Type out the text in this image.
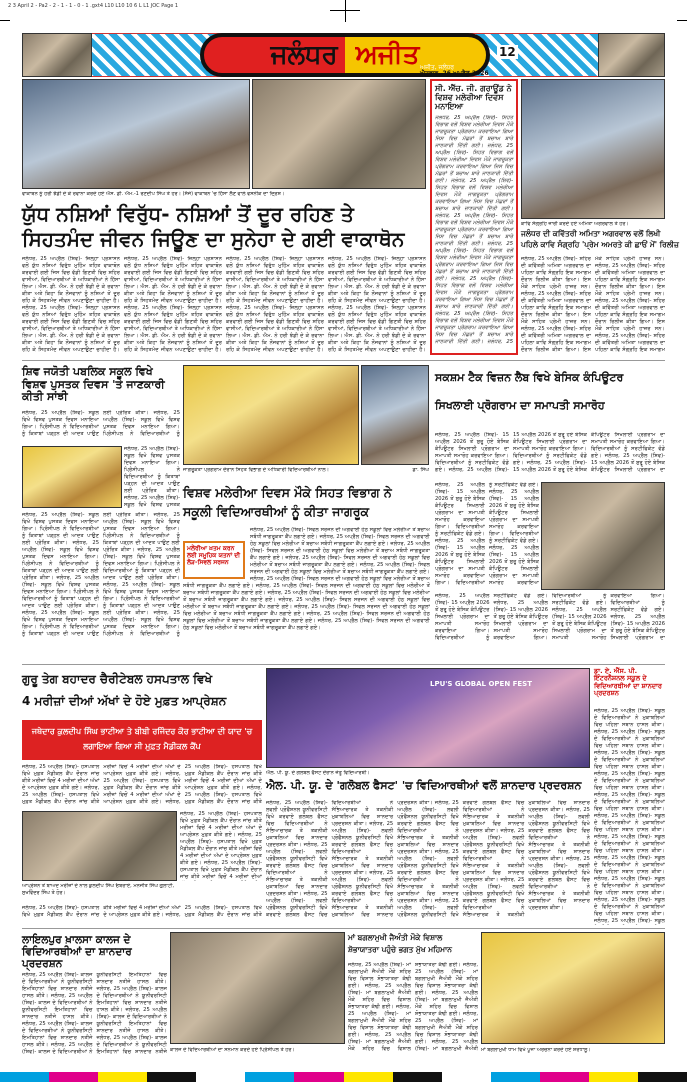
2 3 April 2 - Pa2 - 2 - 1 - 1 - 0 - 1 .gxt4 L10 L10 10 6 L L1 JOC Page 1
ਜਲੰਧਰ ਅਜੀਤ	12
ਅਜੀਤ, ਜਲੰਧਰ
ਐਤਵਾਰ, 26 ਅਪ੍ਰੈਲ 2026
ਵਾਕਾਥੋਨ ਨੂੰ ਹਰੀ ਝੰਡੀ ਦੇ ਕੇ ਰਵਾਨਾ ਕਰਦੇ ਹੋਏ ਐਸ. ਡੀ. ਐਮ.-1 ਰਣਦੀਪ ਸਿੰਘ ਤੇ ਹੋਰ। (ਸੱਜੇ) ਵਾਕਾਥੋਨ 'ਚ ਹਿੱਸਾ ਲੈਣ ਵਾਲੇ ਵਸਨੀਕ ਦਾ ਦ੍ਰਿਸ਼।
ਯੁੱਧ ਨਸ਼ਿਆਂ ਵਿਰੁੱਧ- ਨਸ਼ਿਆਂ ਤੋਂ ਦੂਰ ਰਹਿਣ ਤੇ
ਸਿਹਤਮੰਦ ਜੀਵਨ ਜਿਊਣ ਦਾ ਸੁਨੇਹਾ ਦੇ ਗਈ ਵਾਕਾਥੋਨ
ਜਲੰਧਰ, 25 ਅਪ੍ਰੈਲ (ਸ਼ਿਵ)- ਜ਼ਿਲ੍ਹਾ ਪ੍ਰਸ਼ਾਸਨ ਵਲੋਂ ਯੁੱਧ ਨਸ਼ਿਆਂ ਵਿਰੁੱਧ ਮੁਹਿੰਮ ਤਹਿਤ ਵਾਕਾਥੋਨ ਕਰਵਾਈ ਗਈ ਜਿਸ ਵਿਚ ਵੱਡੀ ਗਿਣਤੀ ਵਿਚ ਸ਼ਹਿਰ ਵਾਸੀਆਂ, ਵਿਦਿਆਰਥੀਆਂ ਤੇ ਅਧਿਕਾਰੀਆਂ ਨੇ ਹਿੱਸਾ ਲਿਆ। ਐਸ. ਡੀ. ਐਮ. ਨੇ ਹਰੀ ਝੰਡੀ ਦੇ ਕੇ ਰਵਾਨਾ ਕੀਤਾ ਅਤੇ ਕਿਹਾ ਕਿ ਨੌਜਵਾਨਾਂ ਨੂੰ ਨਸ਼ਿਆਂ ਤੋਂ ਦੂਰ ਰਹਿ ਕੇ ਸਿਹਤਮੰਦ ਜੀਵਨ ਅਪਣਾਉਣਾ ਚਾਹੀਦਾ ਹੈ। ਜਲੰਧਰ, 25 ਅਪ੍ਰੈਲ (ਸ਼ਿਵ)- ਜ਼ਿਲ੍ਹਾ ਪ੍ਰਸ਼ਾਸਨ ਵਲੋਂ ਯੁੱਧ ਨਸ਼ਿਆਂ ਵਿਰੁੱਧ ਮੁਹਿੰਮ ਤਹਿਤ ਵਾਕਾਥੋਨ ਕਰਵਾਈ ਗਈ ਜਿਸ ਵਿਚ ਵੱਡੀ ਗਿਣਤੀ ਵਿਚ ਸ਼ਹਿਰ ਵਾਸੀਆਂ, ਵਿਦਿਆਰਥੀਆਂ ਤੇ ਅਧਿਕਾਰੀਆਂ ਨੇ ਹਿੱਸਾ ਲਿਆ। ਐਸ. ਡੀ. ਐਮ. ਨੇ ਹਰੀ ਝੰਡੀ ਦੇ ਕੇ ਰਵਾਨਾ ਕੀਤਾ ਅਤੇ ਕਿਹਾ ਕਿ ਨੌਜਵਾਨਾਂ ਨੂੰ ਨਸ਼ਿਆਂ ਤੋਂ ਦੂਰ ਰਹਿ ਕੇ ਸਿਹਤਮੰਦ ਜੀਵਨ ਅਪਣਾਉਣਾ ਚਾਹੀਦਾ ਹੈ। ਜਲੰਧਰ, 25 ਅਪ੍ਰੈਲ (ਸ਼ਿਵ)- ਜ਼ਿਲ੍ਹਾ ਪ੍ਰਸ਼ਾਸਨ ਵਲੋਂ ਯੁੱਧ ਨਸ਼ਿਆਂ ਵਿਰੁੱਧ ਮੁਹਿੰਮ ਤਹਿਤ ਵਾਕਾਥੋਨ ਕਰਵਾਈ ਗਈ ਜਿਸ ਵਿਚ ਵੱਡੀ ਗਿਣਤੀ ਵਿਚ ਸ਼ਹਿਰ ਵਾਸੀਆਂ, ਵਿਦਿਆਰਥੀਆਂ ਤੇ ਅਧਿਕਾਰੀਆਂ ਨੇ ਹਿੱਸਾ ਲਿਆ। ਐਸ. ਡੀ. ਐਮ. ਨੇ ਹਰੀ ਝੰਡੀ ਦੇ ਕੇ ਰਵਾਨਾ ਕੀਤਾ ਅਤੇ ਕਿਹਾ ਕਿ ਨੌਜਵਾਨਾਂ ਨੂੰ ਨਸ਼ਿਆਂ ਤੋਂ ਦੂਰ ਰਹਿ ਕੇ ਸਿਹਤਮੰਦ ਜੀਵਨ ਅਪਣਾਉਣਾ ਚਾਹੀਦਾ ਹੈ। ਜਲੰਧਰ, 25 ਅਪ੍ਰੈਲ (ਸ਼ਿਵ)- ਜ਼ਿਲ੍ਹਾ ਪ੍ਰਸ਼ਾਸਨ ਵਲੋਂ ਯੁੱਧ ਨਸ਼ਿਆਂ ਵਿਰੁੱਧ ਮੁਹਿੰਮ ਤਹਿਤ ਵਾਕਾਥੋਨ ਕਰਵਾਈ ਗਈ ਜਿਸ ਵਿਚ ਵੱਡੀ ਗਿਣਤੀ ਵਿਚ ਸ਼ਹਿਰ ਵਾਸੀਆਂ, ਵਿਦਿਆਰਥੀਆਂ ਤੇ ਅਧਿਕਾਰੀਆਂ ਨੇ ਹਿੱਸਾ ਲਿਆ। ਐਸ. ਡੀ. ਐਮ. ਨੇ ਹਰੀ ਝੰਡੀ ਦੇ ਕੇ ਰਵਾਨਾ ਕੀਤਾ ਅਤੇ ਕਿਹਾ ਕਿ ਨੌਜਵਾਨਾਂ ਨੂੰ ਨਸ਼ਿਆਂ ਤੋਂ ਦੂਰ ਰਹਿ ਕੇ ਸਿਹਤਮੰਦ ਜੀਵਨ ਅਪਣਾਉਣਾ ਚਾਹੀਦਾ ਹੈ। ਜਲੰਧਰ, 25 ਅਪ੍ਰੈਲ (ਸ਼ਿਵ)- ਜ਼ਿਲ੍ਹਾ ਪ੍ਰਸ਼ਾਸਨ ਵਲੋਂ ਯੁੱਧ ਨਸ਼ਿਆਂ ਵਿਰੁੱਧ ਮੁਹਿੰਮ ਤਹਿਤ ਵਾਕਾਥੋਨ ਕਰਵਾਈ ਗਈ ਜਿਸ ਵਿਚ ਵੱਡੀ ਗਿਣਤੀ ਵਿਚ ਸ਼ਹਿਰ ਵਾਸੀਆਂ, ਵਿਦਿਆਰਥੀਆਂ ਤੇ ਅਧਿਕਾਰੀਆਂ ਨੇ ਹਿੱਸਾ ਲਿਆ। ਐਸ. ਡੀ. ਐਮ. ਨੇ ਹਰੀ ਝੰਡੀ ਦੇ ਕੇ ਰਵਾਨਾ ਕੀਤਾ ਅਤੇ ਕਿਹਾ ਕਿ ਨੌਜਵਾਨਾਂ ਨੂੰ ਨਸ਼ਿਆਂ ਤੋਂ ਦੂਰ ਰਹਿ ਕੇ ਸਿਹਤਮੰਦ ਜੀਵਨ ਅਪਣਾਉਣਾ ਚਾਹੀਦਾ ਹੈ। ਜਲੰਧਰ, 25 ਅਪ੍ਰੈਲ (ਸ਼ਿਵ)- ਜ਼ਿਲ੍ਹਾ ਪ੍ਰਸ਼ਾਸਨ ਵਲੋਂ ਯੁੱਧ ਨਸ਼ਿਆਂ ਵਿਰੁੱਧ ਮੁਹਿੰਮ ਤਹਿਤ ਵਾਕਾਥੋਨ ਕਰਵਾਈ ਗਈ ਜਿਸ ਵਿਚ ਵੱਡੀ ਗਿਣਤੀ ਵਿਚ ਸ਼ਹਿਰ ਵਾਸੀਆਂ, ਵਿਦਿਆਰਥੀਆਂ ਤੇ ਅਧਿਕਾਰੀਆਂ ਨੇ ਹਿੱਸਾ ਲਿਆ। ਐਸ. ਡੀ. ਐਮ. ਨੇ ਹਰੀ ਝੰਡੀ ਦੇ ਕੇ ਰਵਾਨਾ ਕੀਤਾ ਅਤੇ ਕਿਹਾ ਕਿ ਨੌਜਵਾਨਾਂ ਨੂੰ ਨਸ਼ਿਆਂ ਤੋਂ ਦੂਰ ਰਹਿ ਕੇ ਸਿਹਤਮੰਦ ਜੀਵਨ ਅਪਣਾਉਣਾ ਚਾਹੀਦਾ ਹੈ। ਜਲੰਧਰ, 25 ਅਪ੍ਰੈਲ (ਸ਼ਿਵ)- ਜ਼ਿਲ੍ਹਾ ਪ੍ਰਸ਼ਾਸਨ ਵਲੋਂ ਯੁੱਧ ਨਸ਼ਿਆਂ ਵਿਰੁੱਧ ਮੁਹਿੰਮ ਤਹਿਤ ਵਾਕਾਥੋਨ ਕਰਵਾਈ ਗਈ ਜਿਸ ਵਿਚ ਵੱਡੀ ਗਿਣਤੀ ਵਿਚ ਸ਼ਹਿਰ ਵਾਸੀਆਂ, ਵਿਦਿਆਰਥੀਆਂ ਤੇ ਅਧਿਕਾਰੀਆਂ ਨੇ ਹਿੱਸਾ ਲਿਆ। ਐਸ. ਡੀ. ਐਮ. ਨੇ ਹਰੀ ਝੰਡੀ ਦੇ ਕੇ ਰਵਾਨਾ ਕੀਤਾ ਅਤੇ ਕਿਹਾ ਕਿ ਨੌਜਵਾਨਾਂ ਨੂੰ ਨਸ਼ਿਆਂ ਤੋਂ ਦੂਰ ਰਹਿ ਕੇ ਸਿਹਤਮੰਦ ਜੀਵਨ ਅਪਣਾਉਣਾ ਚਾਹੀਦਾ ਹੈ। ਜਲੰਧਰ, 25 ਅਪ੍ਰੈਲ (ਸ਼ਿਵ)- ਜ਼ਿਲ੍ਹਾ ਪ੍ਰਸ਼ਾਸਨ ਵਲੋਂ ਯੁੱਧ ਨਸ਼ਿਆਂ ਵਿਰੁੱਧ ਮੁਹਿੰਮ ਤਹਿਤ ਵਾਕਾਥੋਨ ਕਰਵਾਈ ਗਈ ਜਿਸ ਵਿਚ ਵੱਡੀ ਗਿਣਤੀ ਵਿਚ ਸ਼ਹਿਰ ਵਾਸੀਆਂ, ਵਿਦਿਆਰਥੀਆਂ ਤੇ ਅਧਿਕਾਰੀਆਂ ਨੇ ਹਿੱਸਾ ਲਿਆ। ਐਸ. ਡੀ. ਐਮ. ਨੇ ਹਰੀ ਝੰਡੀ ਦੇ ਕੇ ਰਵਾਨਾ ਕੀਤਾ ਅਤੇ ਕਿਹਾ ਕਿ ਨੌਜਵਾਨਾਂ ਨੂੰ ਨਸ਼ਿਆਂ ਤੋਂ ਦੂਰ ਰਹਿ ਕੇ ਸਿਹਤਮੰਦ ਜੀਵਨ ਅਪਣਾਉਣਾ ਚਾਹੀਦਾ ਹੈ।
ਸੀ. ਐੱਚ. ਜੀ. ਗਰਾਊਂਡ ਨੇ ਵਿਸ਼ਵ ਮਲੇਰੀਆ ਦਿਵਸ ਮਨਾਇਆ
ਜਲੰਧਰ, 25 ਅਪ੍ਰੈਲ (ਸ਼ਿਵ)- ਸਿਹਤ ਵਿਭਾਗ ਵਲੋਂ ਵਿਸ਼ਵ ਮਲੇਰੀਆ ਦਿਵਸ ਮੌਕੇ ਜਾਗਰੂਕਤਾ ਪ੍ਰੋਗਰਾਮ ਕਰਵਾਇਆ ਗਿਆ ਜਿਸ ਵਿਚ ਮੱਛਰਾਂ ਤੋਂ ਬਚਾਅ ਬਾਰੇ ਜਾਣਕਾਰੀ ਦਿੱਤੀ ਗਈ। ਜਲੰਧਰ, 25 ਅਪ੍ਰੈਲ (ਸ਼ਿਵ)- ਸਿਹਤ ਵਿਭਾਗ ਵਲੋਂ ਵਿਸ਼ਵ ਮਲੇਰੀਆ ਦਿਵਸ ਮੌਕੇ ਜਾਗਰੂਕਤਾ ਪ੍ਰੋਗਰਾਮ ਕਰਵਾਇਆ ਗਿਆ ਜਿਸ ਵਿਚ ਮੱਛਰਾਂ ਤੋਂ ਬਚਾਅ ਬਾਰੇ ਜਾਣਕਾਰੀ ਦਿੱਤੀ ਗਈ। ਜਲੰਧਰ, 25 ਅਪ੍ਰੈਲ (ਸ਼ਿਵ)- ਸਿਹਤ ਵਿਭਾਗ ਵਲੋਂ ਵਿਸ਼ਵ ਮਲੇਰੀਆ ਦਿਵਸ ਮੌਕੇ ਜਾਗਰੂਕਤਾ ਪ੍ਰੋਗਰਾਮ ਕਰਵਾਇਆ ਗਿਆ ਜਿਸ ਵਿਚ ਮੱਛਰਾਂ ਤੋਂ ਬਚਾਅ ਬਾਰੇ ਜਾਣਕਾਰੀ ਦਿੱਤੀ ਗਈ। ਜਲੰਧਰ, 25 ਅਪ੍ਰੈਲ (ਸ਼ਿਵ)- ਸਿਹਤ ਵਿਭਾਗ ਵਲੋਂ ਵਿਸ਼ਵ ਮਲੇਰੀਆ ਦਿਵਸ ਮੌਕੇ ਜਾਗਰੂਕਤਾ ਪ੍ਰੋਗਰਾਮ ਕਰਵਾਇਆ ਗਿਆ ਜਿਸ ਵਿਚ ਮੱਛਰਾਂ ਤੋਂ ਬਚਾਅ ਬਾਰੇ ਜਾਣਕਾਰੀ ਦਿੱਤੀ ਗਈ। ਜਲੰਧਰ, 25 ਅਪ੍ਰੈਲ (ਸ਼ਿਵ)- ਸਿਹਤ ਵਿਭਾਗ ਵਲੋਂ ਵਿਸ਼ਵ ਮਲੇਰੀਆ ਦਿਵਸ ਮੌਕੇ ਜਾਗਰੂਕਤਾ ਪ੍ਰੋਗਰਾਮ ਕਰਵਾਇਆ ਗਿਆ ਜਿਸ ਵਿਚ ਮੱਛਰਾਂ ਤੋਂ ਬਚਾਅ ਬਾਰੇ ਜਾਣਕਾਰੀ ਦਿੱਤੀ ਗਈ। ਜਲੰਧਰ, 25 ਅਪ੍ਰੈਲ (ਸ਼ਿਵ)- ਸਿਹਤ ਵਿਭਾਗ ਵਲੋਂ ਵਿਸ਼ਵ ਮਲੇਰੀਆ ਦਿਵਸ ਮੌਕੇ ਜਾਗਰੂਕਤਾ ਪ੍ਰੋਗਰਾਮ ਕਰਵਾਇਆ ਗਿਆ ਜਿਸ ਵਿਚ ਮੱਛਰਾਂ ਤੋਂ ਬਚਾਅ ਬਾਰੇ ਜਾਣਕਾਰੀ ਦਿੱਤੀ ਗਈ। ਜਲੰਧਰ, 25 ਅਪ੍ਰੈਲ (ਸ਼ਿਵ)- ਸਿਹਤ ਵਿਭਾਗ ਵਲੋਂ ਵਿਸ਼ਵ ਮਲੇਰੀਆ ਦਿਵਸ ਮੌਕੇ ਜਾਗਰੂਕਤਾ ਪ੍ਰੋਗਰਾਮ ਕਰਵਾਇਆ ਗਿਆ ਜਿਸ ਵਿਚ ਮੱਛਰਾਂ ਤੋਂ ਬਚਾਅ ਬਾਰੇ ਜਾਣਕਾਰੀ ਦਿੱਤੀ ਗਈ। ਜਲੰਧਰ, 25
ਕਾਵਿ ਸੰਗ੍ਰਹਿ ਜਾਰੀ ਕਰਦੇ ਹੋਏ ਅਮਿਤਾ ਅਗਰਵਾਲ ਤੇ ਹੋਰ।
ਜਲੰਧਰ ਦੀ ਕਵਿੱਤਰੀ ਅਮਿਤਾ ਅਗਰਵਾਲ ਵਲੋਂ ਲਿਖੀ
ਪਹਿਲੇ ਕਾਵਿ ਸੰਗ੍ਰਹਿ 'ਪ੍ਰੇਮ ਅਮਰਤੇ ਕੀ ਛਾਓਂ ਮੇਂ' ਰਿਲੀਜ਼
ਜਲੰਧਰ, 25 ਅਪ੍ਰੈਲ (ਸ਼ਿਵ)- ਸ਼ਹਿਰ ਦੀ ਕਵਿੱਤਰੀ ਅਮਿਤਾ ਅਗਰਵਾਲ ਦਾ ਪਹਿਲਾ ਕਾਵਿ ਸੰਗ੍ਰਹਿ ਇਕ ਸਮਾਗਮ ਦੌਰਾਨ ਰਿਲੀਜ਼ ਕੀਤਾ ਗਿਆ। ਇਸ ਮੌਕੇ ਸਾਹਿਤ ਪ੍ਰੇਮੀ ਹਾਜ਼ਰ ਸਨ। ਜਲੰਧਰ, 25 ਅਪ੍ਰੈਲ (ਸ਼ਿਵ)- ਸ਼ਹਿਰ ਦੀ ਕਵਿੱਤਰੀ ਅਮਿਤਾ ਅਗਰਵਾਲ ਦਾ ਪਹਿਲਾ ਕਾਵਿ ਸੰਗ੍ਰਹਿ ਇਕ ਸਮਾਗਮ ਦੌਰਾਨ ਰਿਲੀਜ਼ ਕੀਤਾ ਗਿਆ। ਇਸ ਮੌਕੇ ਸਾਹਿਤ ਪ੍ਰੇਮੀ ਹਾਜ਼ਰ ਸਨ। ਜਲੰਧਰ, 25 ਅਪ੍ਰੈਲ (ਸ਼ਿਵ)- ਸ਼ਹਿਰ ਦੀ ਕਵਿੱਤਰੀ ਅਮਿਤਾ ਅਗਰਵਾਲ ਦਾ ਪਹਿਲਾ ਕਾਵਿ ਸੰਗ੍ਰਹਿ ਇਕ ਸਮਾਗਮ ਦੌਰਾਨ ਰਿਲੀਜ਼ ਕੀਤਾ ਗਿਆ। ਇਸ ਮੌਕੇ ਸਾਹਿਤ ਪ੍ਰੇਮੀ ਹਾਜ਼ਰ ਸਨ। ਜਲੰਧਰ, 25 ਅਪ੍ਰੈਲ (ਸ਼ਿਵ)- ਸ਼ਹਿਰ ਦੀ ਕਵਿੱਤਰੀ ਅਮਿਤਾ ਅਗਰਵਾਲ ਦਾ ਪਹਿਲਾ ਕਾਵਿ ਸੰਗ੍ਰਹਿ ਇਕ ਸਮਾਗਮ ਦੌਰਾਨ ਰਿਲੀਜ਼ ਕੀਤਾ ਗਿਆ। ਇਸ ਮੌਕੇ ਸਾਹਿਤ ਪ੍ਰੇਮੀ ਹਾਜ਼ਰ ਸਨ। ਜਲੰਧਰ, 25 ਅਪ੍ਰੈਲ (ਸ਼ਿਵ)- ਸ਼ਹਿਰ ਦੀ ਕਵਿੱਤਰੀ ਅਮਿਤਾ ਅਗਰਵਾਲ ਦਾ ਪਹਿਲਾ ਕਾਵਿ ਸੰਗ੍ਰਹਿ ਇਕ ਸਮਾਗਮ ਦੌਰਾਨ ਰਿਲੀਜ਼ ਕੀਤਾ ਗਿਆ। ਇਸ ਮੌਕੇ ਸਾਹਿਤ ਪ੍ਰੇਮੀ ਹਾਜ਼ਰ ਸਨ। ਜਲੰਧਰ, 25 ਅਪ੍ਰੈਲ (ਸ਼ਿਵ)- ਸ਼ਹਿਰ ਦੀ ਕਵਿੱਤਰੀ ਅਮਿਤਾ ਅਗਰਵਾਲ ਦਾ ਪਹਿਲਾ ਕਾਵਿ ਸੰਗ੍ਰਹਿ ਇਕ ਸਮਾਗਮ
ਸ਼ਿਵ ਜਯੋਤੀ ਪਬਲਿਕ ਸਕੂਲ ਵਿਖੇ ਵਿਸ਼ਵ ਪੁਸਤਕ ਦਿਵਸ 'ਤੇ ਜਾਣਕਾਰੀ ਕੀਤੀ ਸਾਂਝੀ
ਜਲੰਧਰ, 25 ਅਪ੍ਰੈਲ (ਸ਼ਿਵ)- ਸਕੂਲ ਵਿਖੇ ਵਿਸ਼ਵ ਪੁਸਤਕ ਦਿਵਸ ਮਨਾਇਆ ਗਿਆ। ਪ੍ਰਿੰਸੀਪਲ ਨੇ ਵਿਦਿਆਰਥੀਆਂ ਨੂੰ ਕਿਤਾਬਾਂ ਪੜ੍ਹਨ ਦੀ ਆਦਤ ਪਾਉਣ ਲਈ ਪ੍ਰੇਰਿਤ ਕੀਤਾ। ਜਲੰਧਰ, 25 ਅਪ੍ਰੈਲ (ਸ਼ਿਵ)- ਸਕੂਲ ਵਿਖੇ ਵਿਸ਼ਵ ਪੁਸਤਕ ਦਿਵਸ ਮਨਾਇਆ ਗਿਆ। ਪ੍ਰਿੰਸੀਪਲ ਨੇ ਵਿਦਿਆਰਥੀਆਂ ਨੂੰ
ਜਲੰਧਰ, 25 ਅਪ੍ਰੈਲ (ਸ਼ਿਵ)- ਸਕੂਲ ਵਿਖੇ ਵਿਸ਼ਵ ਪੁਸਤਕ ਦਿਵਸ ਮਨਾਇਆ ਗਿਆ। ਪ੍ਰਿੰਸੀਪਲ ਨੇ ਵਿਦਿਆਰਥੀਆਂ ਨੂੰ ਕਿਤਾਬਾਂ ਪੜ੍ਹਨ ਦੀ ਆਦਤ ਪਾਉਣ ਲਈ ਪ੍ਰੇਰਿਤ ਕੀਤਾ। ਜਲੰਧਰ, 25 ਅਪ੍ਰੈਲ (ਸ਼ਿਵ)- ਸਕੂਲ ਵਿਖੇ ਵਿਸ਼ਵ ਪੁਸਤਕ
ਜਲੰਧਰ, 25 ਅਪ੍ਰੈਲ (ਸ਼ਿਵ)- ਸਕੂਲ ਵਿਖੇ ਵਿਸ਼ਵ ਪੁਸਤਕ ਦਿਵਸ ਮਨਾਇਆ ਗਿਆ। ਪ੍ਰਿੰਸੀਪਲ ਨੇ ਵਿਦਿਆਰਥੀਆਂ ਨੂੰ ਕਿਤਾਬਾਂ ਪੜ੍ਹਨ ਦੀ ਆਦਤ ਪਾਉਣ ਲਈ ਪ੍ਰੇਰਿਤ ਕੀਤਾ। ਜਲੰਧਰ, 25 ਅਪ੍ਰੈਲ (ਸ਼ਿਵ)- ਸਕੂਲ ਵਿਖੇ ਵਿਸ਼ਵ ਪੁਸਤਕ ਦਿਵਸ ਮਨਾਇਆ ਗਿਆ। ਪ੍ਰਿੰਸੀਪਲ ਨੇ ਵਿਦਿਆਰਥੀਆਂ ਨੂੰ ਕਿਤਾਬਾਂ ਪੜ੍ਹਨ ਦੀ ਆਦਤ ਪਾਉਣ ਲਈ ਪ੍ਰੇਰਿਤ ਕੀਤਾ। ਜਲੰਧਰ, 25 ਅਪ੍ਰੈਲ (ਸ਼ਿਵ)- ਸਕੂਲ ਵਿਖੇ ਵਿਸ਼ਵ ਪੁਸਤਕ ਦਿਵਸ ਮਨਾਇਆ ਗਿਆ। ਪ੍ਰਿੰਸੀਪਲ ਨੇ ਵਿਦਿਆਰਥੀਆਂ ਨੂੰ ਕਿਤਾਬਾਂ ਪੜ੍ਹਨ ਦੀ ਆਦਤ ਪਾਉਣ ਲਈ ਪ੍ਰੇਰਿਤ ਕੀਤਾ। ਜਲੰਧਰ, 25 ਅਪ੍ਰੈਲ (ਸ਼ਿਵ)- ਸਕੂਲ ਵਿਖੇ ਵਿਸ਼ਵ ਪੁਸਤਕ ਦਿਵਸ ਮਨਾਇਆ ਗਿਆ। ਪ੍ਰਿੰਸੀਪਲ ਨੇ ਵਿਦਿਆਰਥੀਆਂ ਨੂੰ ਕਿਤਾਬਾਂ ਪੜ੍ਹਨ ਦੀ ਆਦਤ ਪਾਉਣ ਲਈ ਪ੍ਰੇਰਿਤ ਕੀਤਾ। ਜਲੰਧਰ, 25 ਅਪ੍ਰੈਲ (ਸ਼ਿਵ)- ਸਕੂਲ ਵਿਖੇ ਵਿਸ਼ਵ ਪੁਸਤਕ ਦਿਵਸ ਮਨਾਇਆ ਗਿਆ। ਪ੍ਰਿੰਸੀਪਲ ਨੇ ਵਿਦਿਆਰਥੀਆਂ ਨੂੰ ਕਿਤਾਬਾਂ ਪੜ੍ਹਨ ਦੀ ਆਦਤ ਪਾਉਣ ਲਈ ਪ੍ਰੇਰਿਤ ਕੀਤਾ। ਜਲੰਧਰ, 25 ਅਪ੍ਰੈਲ (ਸ਼ਿਵ)- ਸਕੂਲ ਵਿਖੇ ਵਿਸ਼ਵ ਪੁਸਤਕ ਦਿਵਸ ਮਨਾਇਆ ਗਿਆ। ਪ੍ਰਿੰਸੀਪਲ ਨੇ ਵਿਦਿਆਰਥੀਆਂ ਨੂੰ ਕਿਤਾਬਾਂ ਪੜ੍ਹਨ ਦੀ ਆਦਤ ਪਾਉਣ ਲਈ ਪ੍ਰੇਰਿਤ ਕੀਤਾ। ਜਲੰਧਰ, 25 ਅਪ੍ਰੈਲ (ਸ਼ਿਵ)- ਸਕੂਲ ਵਿਖੇ ਵਿਸ਼ਵ ਪੁਸਤਕ ਦਿਵਸ ਮਨਾਇਆ ਗਿਆ। ਪ੍ਰਿੰਸੀਪਲ ਨੇ ਵਿਦਿਆਰਥੀਆਂ ਨੂੰ ਕਿਤਾਬਾਂ ਪੜ੍ਹਨ ਦੀ ਆਦਤ ਪਾਉਣ ਲਈ ਪ੍ਰੇਰਿਤ ਕੀਤਾ। ਜਲੰਧਰ, 25 ਅਪ੍ਰੈਲ (ਸ਼ਿਵ)- ਸਕੂਲ ਵਿਖੇ ਵਿਸ਼ਵ ਪੁਸਤਕ ਦਿਵਸ ਮਨਾਇਆ ਗਿਆ। ਪ੍ਰਿੰਸੀਪਲ ਨੇ ਵਿਦਿਆਰਥੀਆਂ ਨੂੰ
ਜਾਗਰੂਕਤਾ ਪ੍ਰੋਗਰਾਮ ਦੌਰਾਨ ਸਿਹਤ ਵਿਭਾਗ ਦੇ ਅਧਿਕਾਰੀ ਵਿਦਿਆਰਥੀਆਂ ਨਾਲ।	ਡਾ. ਸਿੰਘ
ਵਿਸ਼ਵ ਮਲੇਰੀਆ ਦਿਵਸ ਮੌਕੇ ਸਿਹਤ ਵਿਭਾਗ ਨੇ
ਸਕੂਲੀ ਵਿਦਿਆਰਥੀਆਂ ਨੂੰ ਕੀਤਾ ਜਾਗਰੂਕ
ਮਲੇਰੀਆ ਖ਼ਤਮ ਕਰਨ ਲਈ ਸਮੂਹਿਕ ਯਤਨਾਂ ਦੀ ਲੋੜ-ਸਿਵਲ ਸਰਜਨ
ਜਲੰਧਰ, 25 ਅਪ੍ਰੈਲ (ਸ਼ਿਵ)- ਸਿਵਲ ਸਰਜਨ ਦੀ ਅਗਵਾਈ ਹੇਠ ਸਕੂਲਾਂ ਵਿਚ ਮਲੇਰੀਆ ਤੋਂ ਬਚਾਅ ਸਬੰਧੀ ਜਾਗਰੂਕਤਾ ਕੈਂਪ ਲਗਾਏ ਗਏ। ਜਲੰਧਰ, 25 ਅਪ੍ਰੈਲ (ਸ਼ਿਵ)- ਸਿਵਲ ਸਰਜਨ ਦੀ ਅਗਵਾਈ ਹੇਠ ਸਕੂਲਾਂ ਵਿਚ ਮਲੇਰੀਆ ਤੋਂ ਬਚਾਅ ਸਬੰਧੀ ਜਾਗਰੂਕਤਾ ਕੈਂਪ ਲਗਾਏ ਗਏ। ਜਲੰਧਰ, 25 ਅਪ੍ਰੈਲ (ਸ਼ਿਵ)- ਸਿਵਲ ਸਰਜਨ ਦੀ ਅਗਵਾਈ ਹੇਠ ਸਕੂਲਾਂ ਵਿਚ ਮਲੇਰੀਆ ਤੋਂ ਬਚਾਅ ਸਬੰਧੀ ਜਾਗਰੂਕਤਾ ਕੈਂਪ ਲਗਾਏ ਗਏ। ਜਲੰਧਰ, 25 ਅਪ੍ਰੈਲ (ਸ਼ਿਵ)- ਸਿਵਲ ਸਰਜਨ ਦੀ ਅਗਵਾਈ ਹੇਠ ਸਕੂਲਾਂ ਵਿਚ ਮਲੇਰੀਆ ਤੋਂ ਬਚਾਅ ਸਬੰਧੀ ਜਾਗਰੂਕਤਾ ਕੈਂਪ ਲਗਾਏ ਗਏ। ਜਲੰਧਰ, 25 ਅਪ੍ਰੈਲ (ਸ਼ਿਵ)- ਸਿਵਲ ਸਰਜਨ ਦੀ ਅਗਵਾਈ ਹੇਠ ਸਕੂਲਾਂ ਵਿਚ ਮਲੇਰੀਆ ਤੋਂ ਬਚਾਅ ਸਬੰਧੀ ਜਾਗਰੂਕਤਾ ਕੈਂਪ ਲਗਾਏ ਗਏ। ਜਲੰਧਰ, 25 ਅਪ੍ਰੈਲ (ਸ਼ਿਵ)- ਸਿਵਲ ਸਰਜਨ ਦੀ ਅਗਵਾਈ ਹੇਠ ਸਕੂਲਾਂ ਵਿਚ ਮਲੇਰੀਆ ਤੋਂ ਬਚਾਅ ਸਬੰਧੀ ਜਾਗਰੂਕਤਾ ਕੈਂਪ ਲਗਾਏ ਗਏ। ਜਲੰਧਰ, 25 ਅਪ੍ਰੈਲ (ਸ਼ਿਵ)- ਸਿਵਲ ਸਰਜਨ ਦੀ ਅਗਵਾਈ ਹੇਠ ਸਕੂਲਾਂ ਵਿਚ ਮਲੇਰੀਆ ਤੋਂ ਬਚਾਅ ਸਬੰਧੀ ਜਾਗਰੂਕਤਾ ਕੈਂਪ ਲਗਾਏ ਗਏ। ਜਲੰਧਰ, 25 ਅਪ੍ਰੈਲ (ਸ਼ਿਵ)- ਸਿਵਲ ਸਰਜਨ ਦੀ ਅਗਵਾਈ ਹੇਠ ਸਕੂਲਾਂ ਵਿਚ ਮਲੇਰੀਆ ਤੋਂ ਬਚਾਅ ਸਬੰਧੀ ਜਾਗਰੂਕਤਾ ਕੈਂਪ ਲਗਾਏ ਗਏ। ਜਲੰਧਰ, 25 ਅਪ੍ਰੈਲ (ਸ਼ਿਵ)- ਸਿਵਲ ਸਰਜਨ ਦੀ ਅਗਵਾਈ ਹੇਠ ਸਕੂਲਾਂ ਵਿਚ ਮਲੇਰੀਆ ਤੋਂ ਬਚਾਅ ਸਬੰਧੀ ਜਾਗਰੂਕਤਾ ਕੈਂਪ ਲਗਾਏ ਗਏ। ਜਲੰਧਰ, 25 ਅਪ੍ਰੈਲ (ਸ਼ਿਵ)- ਸਿਵਲ ਸਰਜਨ ਦੀ ਅਗਵਾਈ ਹੇਠ ਸਕੂਲਾਂ ਵਿਚ ਮਲੇਰੀਆ ਤੋਂ ਬਚਾਅ ਸਬੰਧੀ ਜਾਗਰੂਕਤਾ ਕੈਂਪ ਲਗਾਏ ਗਏ। ਜਲੰਧਰ, 25 ਅਪ੍ਰੈਲ (ਸ਼ਿਵ)- ਸਿਵਲ ਸਰਜਨ ਦੀ ਅਗਵਾਈ ਹੇਠ ਸਕੂਲਾਂ ਵਿਚ ਮਲੇਰੀਆ ਤੋਂ ਬਚਾਅ ਸਬੰਧੀ ਜਾਗਰੂਕਤਾ ਕੈਂਪ ਲਗਾਏ ਗਏ। ਜਲੰਧਰ, 25 ਅਪ੍ਰੈਲ (ਸ਼ਿਵ)- ਸਿਵਲ ਸਰਜਨ ਦੀ ਅਗਵਾਈ ਹੇਠ ਸਕੂਲਾਂ ਵਿਚ ਮਲੇਰੀਆ ਤੋਂ ਬਚਾਅ ਸਬੰਧੀ ਜਾਗਰੂਕਤਾ ਕੈਂਪ ਲਗਾਏ ਗਏ।
ਸਕਸ਼ਮ ਟੈਕ ਵਿਜ਼ਨ ਲੈਬ ਵਿਖੇ ਬੇਸਿਕ ਕੰਪਿਊਟਰ
ਸਿਖਲਾਈ ਪ੍ਰੋਗਰਾਮ ਦਾ ਸਮਾਪਤੀ ਸਮਾਰੋਹ
ਜਲੰਧਰ, 25 ਅਪ੍ਰੈਲ (ਸ਼ਿਵ)- 15 ਅਪ੍ਰੈਲ 2026 ਤੋਂ ਸ਼ੁਰੂ ਹੋਏ ਬੇਸਿਕ ਕੰਪਿਊਟਰ ਸਿਖਲਾਈ ਪ੍ਰੋਗਰਾਮ ਦਾ ਸਮਾਪਤੀ ਸਮਾਰੋਹ ਕਰਵਾਇਆ ਗਿਆ। ਵਿਦਿਆਰਥੀਆਂ ਨੂੰ ਸਰਟੀਫਿਕੇਟ ਵੰਡੇ ਗਏ। ਜਲੰਧਰ, 25 ਅਪ੍ਰੈਲ (ਸ਼ਿਵ)- 15 ਅਪ੍ਰੈਲ 2026 ਤੋਂ ਸ਼ੁਰੂ ਹੋਏ ਬੇਸਿਕ ਕੰਪਿਊਟਰ ਸਿਖਲਾਈ ਪ੍ਰੋਗਰਾਮ ਦਾ ਸਮਾਪਤੀ ਸਮਾਰੋਹ ਕਰਵਾਇਆ ਗਿਆ। ਵਿਦਿਆਰਥੀਆਂ ਨੂੰ ਸਰਟੀਫਿਕੇਟ ਵੰਡੇ ਗਏ। ਜਲੰਧਰ, 25 ਅਪ੍ਰੈਲ (ਸ਼ਿਵ)- 15 ਅਪ੍ਰੈਲ 2026 ਤੋਂ ਸ਼ੁਰੂ ਹੋਏ ਬੇਸਿਕ ਕੰਪਿਊਟਰ ਸਿਖਲਾਈ ਪ੍ਰੋਗਰਾਮ ਦਾ ਸਮਾਪਤੀ ਸਮਾਰੋਹ ਕਰਵਾਇਆ ਗਿਆ। ਵਿਦਿਆਰਥੀਆਂ ਨੂੰ ਸਰਟੀਫਿਕੇਟ ਵੰਡੇ ਗਏ। ਜਲੰਧਰ, 25 ਅਪ੍ਰੈਲ (ਸ਼ਿਵ)- 15 ਅਪ੍ਰੈਲ 2026 ਤੋਂ ਸ਼ੁਰੂ ਹੋਏ ਬੇਸਿਕ ਕੰਪਿਊਟਰ ਸਿਖਲਾਈ ਪ੍ਰੋਗਰਾਮ ਦਾ
ਜਲੰਧਰ, 25 ਅਪ੍ਰੈਲ (ਸ਼ਿਵ)- 15 ਅਪ੍ਰੈਲ 2026 ਤੋਂ ਸ਼ੁਰੂ ਹੋਏ ਬੇਸਿਕ ਕੰਪਿਊਟਰ ਸਿਖਲਾਈ ਪ੍ਰੋਗਰਾਮ ਦਾ ਸਮਾਪਤੀ ਸਮਾਰੋਹ ਕਰਵਾਇਆ ਗਿਆ। ਵਿਦਿਆਰਥੀਆਂ ਨੂੰ ਸਰਟੀਫਿਕੇਟ ਵੰਡੇ ਗਏ। ਜਲੰਧਰ, 25 ਅਪ੍ਰੈਲ (ਸ਼ਿਵ)- 15 ਅਪ੍ਰੈਲ 2026 ਤੋਂ ਸ਼ੁਰੂ ਹੋਏ ਬੇਸਿਕ ਕੰਪਿਊਟਰ ਸਿਖਲਾਈ ਪ੍ਰੋਗਰਾਮ ਦਾ ਸਮਾਪਤੀ ਸਮਾਰੋਹ ਕਰਵਾਇਆ ਗਿਆ। ਵਿਦਿਆਰਥੀਆਂ ਨੂੰ ਸਰਟੀਫਿਕੇਟ ਵੰਡੇ ਗਏ। ਜਲੰਧਰ, 25 ਅਪ੍ਰੈਲ (ਸ਼ਿਵ)- 15 ਅਪ੍ਰੈਲ 2026 ਤੋਂ ਸ਼ੁਰੂ ਹੋਏ ਬੇਸਿਕ ਕੰਪਿਊਟਰ ਸਿਖਲਾਈ ਪ੍ਰੋਗਰਾਮ ਦਾ ਸਮਾਪਤੀ ਸਮਾਰੋਹ ਕਰਵਾਇਆ ਗਿਆ। ਵਿਦਿਆਰਥੀਆਂ ਨੂੰ ਸਰਟੀਫਿਕੇਟ ਵੰਡੇ ਗਏ। ਜਲੰਧਰ, 25 ਅਪ੍ਰੈਲ (ਸ਼ਿਵ)- 15 ਅਪ੍ਰੈਲ 2026 ਤੋਂ ਸ਼ੁਰੂ ਹੋਏ ਬੇਸਿਕ ਕੰਪਿਊਟਰ ਸਿਖਲਾਈ ਪ੍ਰੋਗਰਾਮ ਦਾ ਸਮਾਪਤੀ ਸਮਾਰੋਹ ਕਰਵਾਇਆ
ਜਲੰਧਰ, 25 ਅਪ੍ਰੈਲ (ਸ਼ਿਵ)- 15 ਅਪ੍ਰੈਲ 2026 ਤੋਂ ਸ਼ੁਰੂ ਹੋਏ ਬੇਸਿਕ ਕੰਪਿਊਟਰ ਸਿਖਲਾਈ ਪ੍ਰੋਗਰਾਮ ਦਾ ਸਮਾਪਤੀ ਸਮਾਰੋਹ ਕਰਵਾਇਆ ਗਿਆ। ਵਿਦਿਆਰਥੀਆਂ ਨੂੰ ਸਰਟੀਫਿਕੇਟ ਵੰਡੇ ਗਏ। ਜਲੰਧਰ, 25 ਅਪ੍ਰੈਲ (ਸ਼ਿਵ)- 15 ਅਪ੍ਰੈਲ 2026 ਤੋਂ ਸ਼ੁਰੂ ਹੋਏ ਬੇਸਿਕ ਕੰਪਿਊਟਰ ਸਿਖਲਾਈ ਪ੍ਰੋਗਰਾਮ ਦਾ ਸਮਾਪਤੀ ਸਮਾਰੋਹ ਕਰਵਾਇਆ ਗਿਆ। ਵਿਦਿਆਰਥੀਆਂ ਨੂੰ ਸਰਟੀਫਿਕੇਟ ਵੰਡੇ ਗਏ। ਜਲੰਧਰ, 25 ਅਪ੍ਰੈਲ (ਸ਼ਿਵ)- 15 ਅਪ੍ਰੈਲ 2026 ਤੋਂ ਸ਼ੁਰੂ ਹੋਏ ਬੇਸਿਕ ਕੰਪਿਊਟਰ ਸਿਖਲਾਈ ਪ੍ਰੋਗਰਾਮ ਦਾ ਸਮਾਪਤੀ ਸਮਾਰੋਹ ਕਰਵਾਇਆ ਗਿਆ। ਵਿਦਿਆਰਥੀਆਂ ਨੂੰ ਸਰਟੀਫਿਕੇਟ ਵੰਡੇ ਗਏ। ਜਲੰਧਰ, 25 ਅਪ੍ਰੈਲ (ਸ਼ਿਵ)- 15 ਅਪ੍ਰੈਲ 2026 ਤੋਂ ਸ਼ੁਰੂ ਹੋਏ ਬੇਸਿਕ ਕੰਪਿਊਟਰ ਸਿਖਲਾਈ ਪ੍ਰੋਗਰਾਮ ਦਾ
ਗੁਰੂ ਤੇਗ ਬਹਾਦਰ ਚੈਰੀਟੇਬਲ ਹਸਪਤਾਲ ਵਿਖੇ
4 ਮਰੀਜ਼ਾਂ ਦੀਆਂ ਅੱਖਾਂ ਦੇ ਹੋਏ ਮੁਫ਼ਤ ਆਪ੍ਰੇਸ਼ਨ
ਜਥੇਦਾਰ ਕੁਲਦੀਪ ਸਿੰਘ ਭਾਟੀਆ ਤੇ ਬੀਬੀ ਰਜਿੰਦਰ ਕੌਰ ਭਾਟੀਆ ਦੀ ਯਾਦ 'ਚ ਲਗਾਇਆ ਗਿਆ ਸੀ ਮੁਫ਼ਤ ਮੈਡੀਕਲ ਕੈਂਪ
ਜਲੰਧਰ, 25 ਅਪ੍ਰੈਲ (ਸ਼ਿਵ)- ਹਸਪਤਾਲ ਵਿਖੇ ਮੁਫ਼ਤ ਮੈਡੀਕਲ ਕੈਂਪ ਦੌਰਾਨ ਜਾਂਚ ਕੀਤੇ ਮਰੀਜ਼ਾਂ ਵਿਚੋਂ 4 ਮਰੀਜ਼ਾਂ ਦੀਆਂ ਅੱਖਾਂ ਦੇ ਆਪ੍ਰੇਸ਼ਨ ਮੁਫ਼ਤ ਕੀਤੇ ਗਏ। ਜਲੰਧਰ, 25 ਅਪ੍ਰੈਲ (ਸ਼ਿਵ)- ਹਸਪਤਾਲ ਵਿਖੇ ਮੁਫ਼ਤ ਮੈਡੀਕਲ ਕੈਂਪ ਦੌਰਾਨ ਜਾਂਚ ਕੀਤੇ ਮਰੀਜ਼ਾਂ ਵਿਚੋਂ 4 ਮਰੀਜ਼ਾਂ ਦੀਆਂ ਅੱਖਾਂ ਦੇ ਆਪ੍ਰੇਸ਼ਨ ਮੁਫ਼ਤ ਕੀਤੇ ਗਏ। ਜਲੰਧਰ, 25 ਅਪ੍ਰੈਲ (ਸ਼ਿਵ)- ਹਸਪਤਾਲ ਵਿਖੇ ਮੁਫ਼ਤ ਮੈਡੀਕਲ ਕੈਂਪ ਦੌਰਾਨ ਜਾਂਚ ਕੀਤੇ ਮਰੀਜ਼ਾਂ ਵਿਚੋਂ 4 ਮਰੀਜ਼ਾਂ ਦੀਆਂ ਅੱਖਾਂ ਦੇ ਆਪ੍ਰੇਸ਼ਨ ਮੁਫ਼ਤ ਕੀਤੇ ਗਏ। ਜਲੰਧਰ, 25 ਅਪ੍ਰੈਲ (ਸ਼ਿਵ)- ਹਸਪਤਾਲ ਵਿਖੇ ਮੁਫ਼ਤ ਮੈਡੀਕਲ ਕੈਂਪ ਦੌਰਾਨ ਜਾਂਚ ਕੀਤੇ ਮਰੀਜ਼ਾਂ ਵਿਚੋਂ 4 ਮਰੀਜ਼ਾਂ ਦੀਆਂ ਅੱਖਾਂ ਦੇ ਆਪ੍ਰੇਸ਼ਨ ਮੁਫ਼ਤ ਕੀਤੇ ਗਏ। ਜਲੰਧਰ, 25 ਅਪ੍ਰੈਲ (ਸ਼ਿਵ)- ਹਸਪਤਾਲ ਵਿਖੇ ਮੁਫ਼ਤ ਮੈਡੀਕਲ ਕੈਂਪ ਦੌਰਾਨ ਜਾਂਚ ਕੀਤੇ
ਜਲੰਧਰ, 25 ਅਪ੍ਰੈਲ (ਸ਼ਿਵ)- ਹਸਪਤਾਲ ਵਿਖੇ ਮੁਫ਼ਤ ਮੈਡੀਕਲ ਕੈਂਪ ਦੌਰਾਨ ਜਾਂਚ ਕੀਤੇ ਮਰੀਜ਼ਾਂ ਵਿਚੋਂ 4 ਮਰੀਜ਼ਾਂ ਦੀਆਂ ਅੱਖਾਂ ਦੇ ਆਪ੍ਰੇਸ਼ਨ ਮੁਫ਼ਤ ਕੀਤੇ ਗਏ। ਜਲੰਧਰ, 25 ਅਪ੍ਰੈਲ (ਸ਼ਿਵ)- ਹਸਪਤਾਲ ਵਿਖੇ ਮੁਫ਼ਤ ਮੈਡੀਕਲ ਕੈਂਪ ਦੌਰਾਨ ਜਾਂਚ ਕੀਤੇ ਮਰੀਜ਼ਾਂ ਵਿਚੋਂ 4 ਮਰੀਜ਼ਾਂ ਦੀਆਂ ਅੱਖਾਂ ਦੇ ਆਪ੍ਰੇਸ਼ਨ ਮੁਫ਼ਤ ਕੀਤੇ ਗਏ। ਜਲੰਧਰ, 25 ਅਪ੍ਰੈਲ (ਸ਼ਿਵ)- ਹਸਪਤਾਲ ਵਿਖੇ ਮੁਫ਼ਤ ਮੈਡੀਕਲ ਕੈਂਪ ਦੌਰਾਨ ਜਾਂਚ ਕੀਤੇ ਮਰੀਜ਼ਾਂ ਵਿਚੋਂ 4 ਮਰੀਜ਼ਾਂ ਦੀਆਂ
ਆਪ੍ਰੇਸ਼ਨ ਤੋਂ ਬਾਅਦ ਮਰੀਜ਼ਾਂ ਦੇ ਨਾਲ ਕੁਲਦੀਪ ਸਿੰਘ ਓਬਰਾਏ, ਮਨਜੀਤ ਸਿੰਘ ਗੁਲਾਟੀ, ਸੁਖਵਿੰਦਰ ਸਿੰਘ ਤੇ ਹੋਰ।
ਜਲੰਧਰ, 25 ਅਪ੍ਰੈਲ (ਸ਼ਿਵ)- ਹਸਪਤਾਲ ਵਿਖੇ ਮੁਫ਼ਤ ਮੈਡੀਕਲ ਕੈਂਪ ਦੌਰਾਨ ਜਾਂਚ ਕੀਤੇ ਮਰੀਜ਼ਾਂ ਵਿਚੋਂ 4 ਮਰੀਜ਼ਾਂ ਦੀਆਂ ਅੱਖਾਂ ਦੇ ਆਪ੍ਰੇਸ਼ਨ ਮੁਫ਼ਤ ਕੀਤੇ ਗਏ। ਜਲੰਧਰ, 25 ਅਪ੍ਰੈਲ (ਸ਼ਿਵ)- ਹਸਪਤਾਲ ਵਿਖੇ ਮੁਫ਼ਤ ਮੈਡੀਕਲ ਕੈਂਪ ਦੌਰਾਨ ਜਾਂਚ ਕੀਤੇ
LPU'S GLOBAL OPEN FEST
ਐਲ. ਪੀ. ਯੂ. ਦੇ ਗਲੋਬਲ ਫੈਸਟ ਦੌਰਾਨ ਜੇਤੂ ਵਿਦਿਆਰਥੀ।
ਐਲ. ਪੀ. ਯੂ. ਦੇ 'ਗਲੋਬਲ ਫੈਸਟ' 'ਚ ਵਿਦਿਆਰਥੀਆਂ ਵਲੋਂ ਸ਼ਾਨਦਾਰ ਪ੍ਰਦਰਸ਼ਨ
ਜਲੰਧਰ, 25 ਅਪ੍ਰੈਲ (ਸ਼ਿਵ)- ਲਵਲੀ ਪ੍ਰੋਫੈਸ਼ਨਲ ਯੂਨੀਵਰਸਿਟੀ ਵਿਖੇ ਕਰਵਾਏ ਗਲੋਬਲ ਫੈਸਟ ਵਿਚ ਵਿਦਿਆਰਥੀਆਂ ਨੇ ਸੱਭਿਆਚਾਰਕ ਤੇ ਤਕਨੀਕੀ ਮੁਕਾਬਲਿਆਂ ਵਿਚ ਸ਼ਾਨਦਾਰ ਪ੍ਰਦਰਸ਼ਨ ਕੀਤਾ। ਜਲੰਧਰ, 25 ਅਪ੍ਰੈਲ (ਸ਼ਿਵ)- ਲਵਲੀ ਪ੍ਰੋਫੈਸ਼ਨਲ ਯੂਨੀਵਰਸਿਟੀ ਵਿਖੇ ਕਰਵਾਏ ਗਲੋਬਲ ਫੈਸਟ ਵਿਚ ਵਿਦਿਆਰਥੀਆਂ ਨੇ ਸੱਭਿਆਚਾਰਕ ਤੇ ਤਕਨੀਕੀ ਮੁਕਾਬਲਿਆਂ ਵਿਚ ਸ਼ਾਨਦਾਰ ਪ੍ਰਦਰਸ਼ਨ ਕੀਤਾ। ਜਲੰਧਰ, 25 ਅਪ੍ਰੈਲ (ਸ਼ਿਵ)- ਲਵਲੀ ਪ੍ਰੋਫੈਸ਼ਨਲ ਯੂਨੀਵਰਸਿਟੀ ਵਿਖੇ ਕਰਵਾਏ ਗਲੋਬਲ ਫੈਸਟ ਵਿਚ ਵਿਦਿਆਰਥੀਆਂ ਨੇ ਸੱਭਿਆਚਾਰਕ ਤੇ ਤਕਨੀਕੀ ਮੁਕਾਬਲਿਆਂ ਵਿਚ ਸ਼ਾਨਦਾਰ ਪ੍ਰਦਰਸ਼ਨ ਕੀਤਾ। ਜਲੰਧਰ, 25 ਅਪ੍ਰੈਲ (ਸ਼ਿਵ)- ਲਵਲੀ ਪ੍ਰੋਫੈਸ਼ਨਲ ਯੂਨੀਵਰਸਿਟੀ ਵਿਖੇ ਕਰਵਾਏ ਗਲੋਬਲ ਫੈਸਟ ਵਿਚ ਵਿਦਿਆਰਥੀਆਂ ਨੇ ਸੱਭਿਆਚਾਰਕ ਤੇ ਤਕਨੀਕੀ ਮੁਕਾਬਲਿਆਂ ਵਿਚ ਸ਼ਾਨਦਾਰ ਪ੍ਰਦਰਸ਼ਨ ਕੀਤਾ। ਜਲੰਧਰ, 25 ਅਪ੍ਰੈਲ (ਸ਼ਿਵ)- ਲਵਲੀ ਪ੍ਰੋਫੈਸ਼ਨਲ ਯੂਨੀਵਰਸਿਟੀ ਵਿਖੇ ਕਰਵਾਏ ਗਲੋਬਲ ਫੈਸਟ ਵਿਚ ਵਿਦਿਆਰਥੀਆਂ ਨੇ ਸੱਭਿਆਚਾਰਕ ਤੇ ਤਕਨੀਕੀ ਮੁਕਾਬਲਿਆਂ ਵਿਚ ਸ਼ਾਨਦਾਰ ਪ੍ਰਦਰਸ਼ਨ ਕੀਤਾ। ਜਲੰਧਰ, 25 ਅਪ੍ਰੈਲ (ਸ਼ਿਵ)- ਲਵਲੀ ਪ੍ਰੋਫੈਸ਼ਨਲ ਯੂਨੀਵਰਸਿਟੀ ਵਿਖੇ ਕਰਵਾਏ ਗਲੋਬਲ ਫੈਸਟ ਵਿਚ ਵਿਦਿਆਰਥੀਆਂ ਨੇ ਸੱਭਿਆਚਾਰਕ ਤੇ ਤਕਨੀਕੀ ਮੁਕਾਬਲਿਆਂ ਵਿਚ ਸ਼ਾਨਦਾਰ ਪ੍ਰਦਰਸ਼ਨ ਕੀਤਾ। ਜਲੰਧਰ, 25 ਅਪ੍ਰੈਲ (ਸ਼ਿਵ)- ਲਵਲੀ ਪ੍ਰੋਫੈਸ਼ਨਲ ਯੂਨੀਵਰਸਿਟੀ ਵਿਖੇ ਕਰਵਾਏ ਗਲੋਬਲ ਫੈਸਟ ਵਿਚ ਵਿਦਿਆਰਥੀਆਂ ਨੇ ਸੱਭਿਆਚਾਰਕ ਤੇ ਤਕਨੀਕੀ ਮੁਕਾਬਲਿਆਂ ਵਿਚ ਸ਼ਾਨਦਾਰ ਪ੍ਰਦਰਸ਼ਨ ਕੀਤਾ। ਜਲੰਧਰ, 25 ਅਪ੍ਰੈਲ (ਸ਼ਿਵ)- ਲਵਲੀ ਪ੍ਰੋਫੈਸ਼ਨਲ ਯੂਨੀਵਰਸਿਟੀ ਵਿਖੇ ਕਰਵਾਏ ਗਲੋਬਲ ਫੈਸਟ ਵਿਚ ਵਿਦਿਆਰਥੀਆਂ ਨੇ ਸੱਭਿਆਚਾਰਕ ਤੇ ਤਕਨੀਕੀ ਮੁਕਾਬਲਿਆਂ ਵਿਚ ਸ਼ਾਨਦਾਰ ਪ੍ਰਦਰਸ਼ਨ ਕੀਤਾ। ਜਲੰਧਰ, 25 ਅਪ੍ਰੈਲ (ਸ਼ਿਵ)- ਲਵਲੀ ਪ੍ਰੋਫੈਸ਼ਨਲ ਯੂਨੀਵਰਸਿਟੀ ਵਿਖੇ ਕਰਵਾਏ ਗਲੋਬਲ ਫੈਸਟ ਵਿਚ ਵਿਦਿਆਰਥੀਆਂ ਨੇ ਸੱਭਿਆਚਾਰਕ ਤੇ ਤਕਨੀਕੀ ਮੁਕਾਬਲਿਆਂ ਵਿਚ ਸ਼ਾਨਦਾਰ ਪ੍ਰਦਰਸ਼ਨ ਕੀਤਾ। ਜਲੰਧਰ, 25 ਅਪ੍ਰੈਲ (ਸ਼ਿਵ)- ਲਵਲੀ ਪ੍ਰੋਫੈਸ਼ਨਲ ਯੂਨੀਵਰਸਿਟੀ ਵਿਖੇ ਕਰਵਾਏ ਗਲੋਬਲ ਫੈਸਟ ਵਿਚ ਵਿਦਿਆਰਥੀਆਂ ਨੇ ਸੱਭਿਆਚਾਰਕ ਤੇ ਤਕਨੀਕੀ ਮੁਕਾਬਲਿਆਂ ਵਿਚ ਸ਼ਾਨਦਾਰ ਪ੍ਰਦਰਸ਼ਨ ਕੀਤਾ। ਜਲੰਧਰ, 25 ਅਪ੍ਰੈਲ (ਸ਼ਿਵ)- ਲਵਲੀ ਪ੍ਰੋਫੈਸ਼ਨਲ ਯੂਨੀਵਰਸਿਟੀ ਵਿਖੇ ਕਰਵਾਏ ਗਲੋਬਲ ਫੈਸਟ ਵਿਚ ਵਿਦਿਆਰਥੀਆਂ ਨੇ ਸੱਭਿਆਚਾਰਕ ਤੇ ਤਕਨੀਕੀ ਮੁਕਾਬਲਿਆਂ ਵਿਚ ਸ਼ਾਨਦਾਰ ਪ੍ਰਦਰਸ਼ਨ ਕੀਤਾ। ਜਲੰਧਰ, 25 ਅਪ੍ਰੈਲ (ਸ਼ਿਵ)- ਲਵਲੀ ਪ੍ਰੋਫੈਸ਼ਨਲ ਯੂਨੀਵਰਸਿਟੀ ਵਿਖੇ ਕਰਵਾਏ ਗਲੋਬਲ ਫੈਸਟ ਵਿਚ ਵਿਦਿਆਰਥੀਆਂ ਨੇ ਸੱਭਿਆਚਾਰਕ ਤੇ ਤਕਨੀਕੀ ਮੁਕਾਬਲਿਆਂ ਵਿਚ ਸ਼ਾਨਦਾਰ ਪ੍ਰਦਰਸ਼ਨ ਕੀਤਾ।
ਡਾ. ਏ. ਐੱਸ. ਪੀ. ਇੰਟਰਨੈਸ਼ਨਲ ਸਕੂਲ ਦੇ ਵਿਦਿਆਰਥੀਆਂ ਦਾ ਸ਼ਾਨਦਾਰ ਪ੍ਰਦਰਸ਼ਨ
ਜਲੰਧਰ, 25 ਅਪ੍ਰੈਲ (ਸ਼ਿਵ)- ਸਕੂਲ ਦੇ ਵਿਦਿਆਰਥੀਆਂ ਨੇ ਮੁਕਾਬਲਿਆਂ ਵਿਚ ਪਹਿਲਾ ਸਥਾਨ ਹਾਸਲ ਕੀਤਾ। ਜਲੰਧਰ, 25 ਅਪ੍ਰੈਲ (ਸ਼ਿਵ)- ਸਕੂਲ ਦੇ ਵਿਦਿਆਰਥੀਆਂ ਨੇ ਮੁਕਾਬਲਿਆਂ ਵਿਚ ਪਹਿਲਾ ਸਥਾਨ ਹਾਸਲ ਕੀਤਾ। ਜਲੰਧਰ, 25 ਅਪ੍ਰੈਲ (ਸ਼ਿਵ)- ਸਕੂਲ ਦੇ ਵਿਦਿਆਰਥੀਆਂ ਨੇ ਮੁਕਾਬਲਿਆਂ ਵਿਚ ਪਹਿਲਾ ਸਥਾਨ ਹਾਸਲ ਕੀਤਾ। ਜਲੰਧਰ, 25 ਅਪ੍ਰੈਲ (ਸ਼ਿਵ)- ਸਕੂਲ ਦੇ ਵਿਦਿਆਰਥੀਆਂ ਨੇ ਮੁਕਾਬਲਿਆਂ ਵਿਚ ਪਹਿਲਾ ਸਥਾਨ ਹਾਸਲ ਕੀਤਾ। ਜਲੰਧਰ, 25 ਅਪ੍ਰੈਲ (ਸ਼ਿਵ)- ਸਕੂਲ ਦੇ ਵਿਦਿਆਰਥੀਆਂ ਨੇ ਮੁਕਾਬਲਿਆਂ ਵਿਚ ਪਹਿਲਾ ਸਥਾਨ ਹਾਸਲ ਕੀਤਾ। ਜਲੰਧਰ, 25 ਅਪ੍ਰੈਲ (ਸ਼ਿਵ)- ਸਕੂਲ ਦੇ ਵਿਦਿਆਰਥੀਆਂ ਨੇ ਮੁਕਾਬਲਿਆਂ ਵਿਚ ਪਹਿਲਾ ਸਥਾਨ ਹਾਸਲ ਕੀਤਾ। ਜਲੰਧਰ, 25 ਅਪ੍ਰੈਲ (ਸ਼ਿਵ)- ਸਕੂਲ ਦੇ ਵਿਦਿਆਰਥੀਆਂ ਨੇ ਮੁਕਾਬਲਿਆਂ ਵਿਚ ਪਹਿਲਾ ਸਥਾਨ ਹਾਸਲ ਕੀਤਾ। ਜਲੰਧਰ, 25 ਅਪ੍ਰੈਲ (ਸ਼ਿਵ)- ਸਕੂਲ ਦੇ ਵਿਦਿਆਰਥੀਆਂ ਨੇ ਮੁਕਾਬਲਿਆਂ ਵਿਚ ਪਹਿਲਾ ਸਥਾਨ ਹਾਸਲ ਕੀਤਾ। ਜਲੰਧਰ, 25 ਅਪ੍ਰੈਲ (ਸ਼ਿਵ)- ਸਕੂਲ ਦੇ ਵਿਦਿਆਰਥੀਆਂ ਨੇ ਮੁਕਾਬਲਿਆਂ ਵਿਚ ਪਹਿਲਾ ਸਥਾਨ ਹਾਸਲ ਕੀਤਾ। ਜਲੰਧਰ, 25 ਅਪ੍ਰੈਲ (ਸ਼ਿਵ)- ਸਕੂਲ ਦੇ ਵਿਦਿਆਰਥੀਆਂ ਨੇ ਮੁਕਾਬਲਿਆਂ ਵਿਚ ਪਹਿਲਾ ਸਥਾਨ ਹਾਸਲ ਕੀਤਾ। ਜਲੰਧਰ, 25 ਅਪ੍ਰੈਲ (ਸ਼ਿਵ)- ਸਕੂਲ
ਲਾਇਲਪੁਰ ਖ਼ਾਲਸਾ ਕਾਲਜ ਦੇ ਵਿਦਿਆਰਥੀਆਂ ਦਾ ਸ਼ਾਨਦਾਰ ਪ੍ਰਦਰਸ਼ਨ
ਜਲੰਧਰ, 25 ਅਪ੍ਰੈਲ (ਸ਼ਿਵ)- ਕਾਲਜ ਦੇ ਵਿਦਿਆਰਥੀਆਂ ਨੇ ਯੂਨੀਵਰਸਿਟੀ ਇਮਤਿਹਾਨਾਂ ਵਿਚ ਸ਼ਾਨਦਾਰ ਨਤੀਜੇ ਹਾਸਲ ਕੀਤੇ। ਜਲੰਧਰ, 25 ਅਪ੍ਰੈਲ (ਸ਼ਿਵ)- ਕਾਲਜ ਦੇ ਵਿਦਿਆਰਥੀਆਂ ਨੇ ਯੂਨੀਵਰਸਿਟੀ ਇਮਤਿਹਾਨਾਂ ਵਿਚ ਸ਼ਾਨਦਾਰ ਨਤੀਜੇ ਹਾਸਲ ਕੀਤੇ। ਜਲੰਧਰ, 25 ਅਪ੍ਰੈਲ (ਸ਼ਿਵ)- ਕਾਲਜ ਦੇ ਵਿਦਿਆਰਥੀਆਂ ਨੇ ਯੂਨੀਵਰਸਿਟੀ ਇਮਤਿਹਾਨਾਂ ਵਿਚ ਸ਼ਾਨਦਾਰ ਨਤੀਜੇ ਹਾਸਲ ਕੀਤੇ। ਜਲੰਧਰ, 25 ਅਪ੍ਰੈਲ (ਸ਼ਿਵ)- ਕਾਲਜ ਦੇ ਵਿਦਿਆਰਥੀਆਂ ਨੇ ਯੂਨੀਵਰਸਿਟੀ ਇਮਤਿਹਾਨਾਂ ਵਿਚ ਸ਼ਾਨਦਾਰ ਨਤੀਜੇ ਹਾਸਲ ਕੀਤੇ। ਜਲੰਧਰ, 25 ਅਪ੍ਰੈਲ (ਸ਼ਿਵ)- ਕਾਲਜ ਦੇ ਵਿਦਿਆਰਥੀਆਂ ਨੇ ਯੂਨੀਵਰਸਿਟੀ ਇਮਤਿਹਾਨਾਂ ਵਿਚ ਸ਼ਾਨਦਾਰ ਨਤੀਜੇ ਹਾਸਲ ਕੀਤੇ। ਜਲੰਧਰ, 25 ਅਪ੍ਰੈਲ (ਸ਼ਿਵ)- ਕਾਲਜ ਦੇ ਵਿਦਿਆਰਥੀਆਂ ਨੇ ਯੂਨੀਵਰਸਿਟੀ ਇਮਤਿਹਾਨਾਂ ਵਿਚ ਸ਼ਾਨਦਾਰ ਨਤੀਜੇ ਹਾਸਲ ਕੀਤੇ। ਜਲੰਧਰ, 25 ਅਪ੍ਰੈਲ (ਸ਼ਿਵ)- ਕਾਲਜ ਦੇ ਵਿਦਿਆਰਥੀਆਂ ਨੇ ਯੂਨੀਵਰਸਿਟੀ ਇਮਤਿਹਾਨਾਂ ਵਿਚ ਸ਼ਾਨਦਾਰ ਨਤੀਜੇ ਕਾਲਜ ਦੇ ਵਿਦਿਆਰਥੀਆਂ ਦਾ ਸਨਮਾਨ ਕਰਦੇ ਹੋਏ ਪ੍ਰਿੰਸੀਪਲ ਤੇ ਹੋਰ।
ਮਾਂ ਬਗਲਾਮੁਖੀ ਜੈਅੰਤੀ ਮੌਕੇ ਵਿਸ਼ਾਲ
ਸ਼ੋਭਾਯਾਤਰਾ ਪਹੁੰਚੇ ਭਗਤ ਮੁੱਖ ਮਹਿਮਾਨ
ਜਲੰਧਰ, 25 ਅਪ੍ਰੈਲ (ਸ਼ਿਵ)- ਮਾਂ ਬਗਲਾਮੁਖੀ ਜੈਅੰਤੀ ਮੌਕੇ ਸ਼ਹਿਰ ਵਿਚ ਵਿਸ਼ਾਲ ਸ਼ੋਭਾਯਾਤਰਾ ਕੱਢੀ ਗਈ। ਜਲੰਧਰ, 25 ਅਪ੍ਰੈਲ (ਸ਼ਿਵ)- ਮਾਂ ਬਗਲਾਮੁਖੀ ਜੈਅੰਤੀ ਮੌਕੇ ਸ਼ਹਿਰ ਵਿਚ ਵਿਸ਼ਾਲ ਸ਼ੋਭਾਯਾਤਰਾ ਕੱਢੀ ਗਈ। ਜਲੰਧਰ, 25 ਅਪ੍ਰੈਲ (ਸ਼ਿਵ)- ਮਾਂ ਬਗਲਾਮੁਖੀ ਜੈਅੰਤੀ ਮੌਕੇ ਸ਼ਹਿਰ ਵਿਚ ਵਿਸ਼ਾਲ ਸ਼ੋਭਾਯਾਤਰਾ ਕੱਢੀ ਗਈ। ਜਲੰਧਰ, 25 ਅਪ੍ਰੈਲ (ਸ਼ਿਵ)- ਮਾਂ ਬਗਲਾਮੁਖੀ ਜੈਅੰਤੀ ਮੌਕੇ ਸ਼ਹਿਰ ਵਿਚ ਵਿਸ਼ਾਲ ਸ਼ੋਭਾਯਾਤਰਾ ਕੱਢੀ ਗਈ। ਜਲੰਧਰ, 25 ਅਪ੍ਰੈਲ (ਸ਼ਿਵ)- ਮਾਂ ਬਗਲਾਮੁਖੀ ਜੈਅੰਤੀ ਮੌਕੇ ਸ਼ਹਿਰ ਵਿਚ ਵਿਸ਼ਾਲ ਸ਼ੋਭਾਯਾਤਰਾ ਕੱਢੀ ਗਈ। ਜਲੰਧਰ, 25 ਅਪ੍ਰੈਲ (ਸ਼ਿਵ)- ਮਾਂ ਬਗਲਾਮੁਖੀ ਜੈਅੰਤੀ ਮੌਕੇ ਸ਼ਹਿਰ ਵਿਚ ਵਿਸ਼ਾਲ ਸ਼ੋਭਾਯਾਤਰਾ ਕੱਢੀ ਗਈ। ਜਲੰਧਰ, 25 ਅਪ੍ਰੈਲ (ਸ਼ਿਵ)- ਮਾਂ ਬਗਲਾਮੁਖੀ ਜੈਅੰਤੀ ਮੌਕੇ ਸ਼ਹਿਰ ਵਿਚ ਵਿਸ਼ਾਲ ਸ਼ੋਭਾਯਾਤਰਾ ਕੱਢੀ ਗਈ। ਜਲੰਧਰ, 25 ਅਪ੍ਰੈਲ (ਸ਼ਿਵ)- ਮਾਂ ਬਗਲਾਮੁਖੀ ਜੈਅੰਤੀ ਮਾਂ ਬਗਲਾਮੁਖੀ ਧਾਮ ਵਿਖੇ ਪੂਜਾ ਅਰਚਨਾ ਕਰਦੇ ਹੋਏ ਸ਼ਰਧਾਲੂ।
